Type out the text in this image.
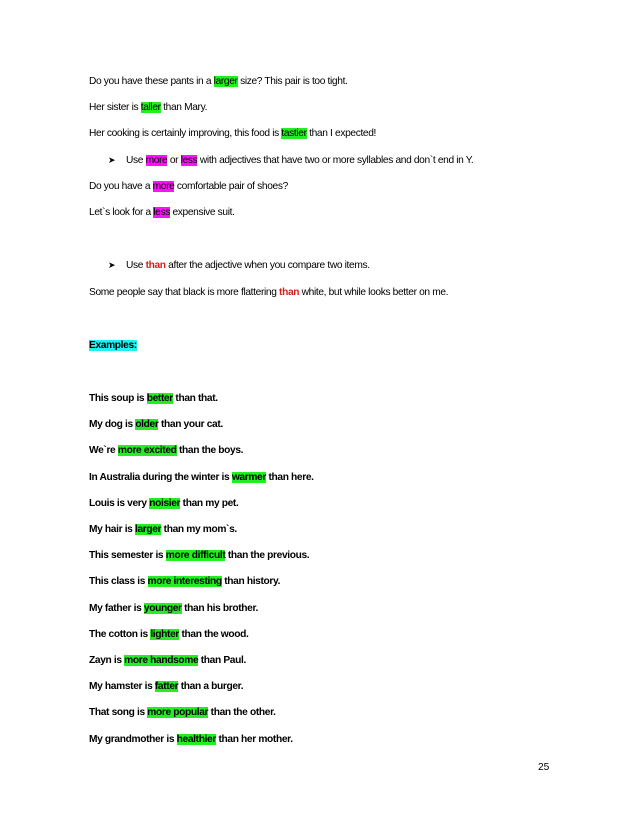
Do you have these pants in a larger size? This pair is too tight.
Her sister is taller than Mary.
Her cooking is certainly improving, this food is tastier than I expected!
➤ Use more or less with adjectives that have two or more syllables and don`t end in Y.
Do you have a more comfortable pair of shoes?
Let`s look for a less expensive suit.
➤ Use than after the adjective when you compare two items.
Some people say that black is more flattering than white, but while looks better on me.
Examples:
This soup is better than that.
My dog is older than your cat.
We`re more excited than the boys.
In Australia during the winter is warmer than here.
Louis is very noisier than my pet.
My hair is larger than my mom`s.
This semester is more difficult than the previous.
This class is more interesting than history.
My father is younger than his brother.
The cotton is lighter than the wood.
Zayn is more handsome than Paul.
My hamster is fatter than a burger.
That song is more popular than the other.
My grandmother is healthier than her mother.
25
